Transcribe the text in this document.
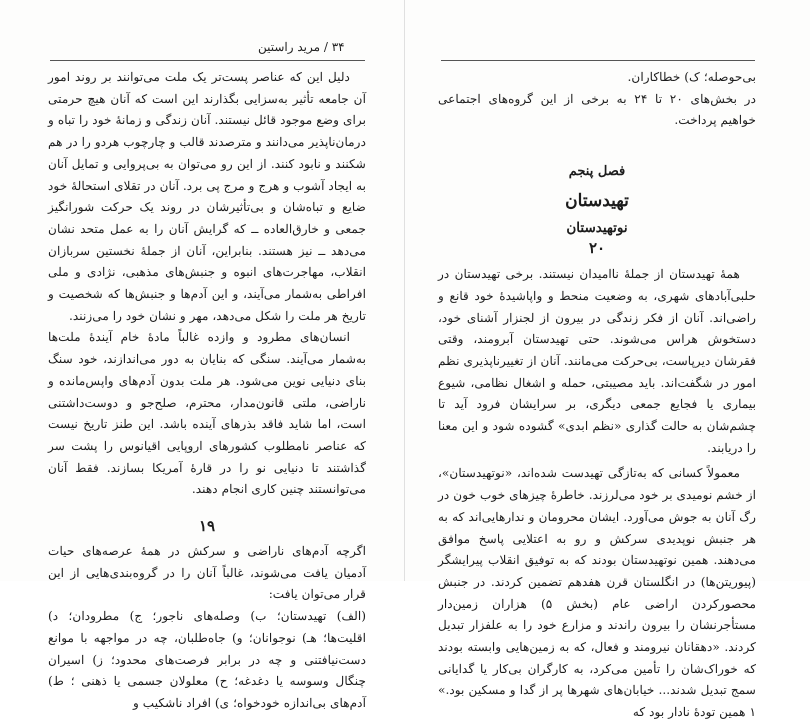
۳۴ / مرید راستین

دلیل این که عناصر پست‌تر یک ملت می‌توانند بر روند امور آن جامعه تأثیر به‌سزایی بگذارند این است که آنان هیچ حرمتی برای وضع موجود قائل نیستند. آنان زندگی و زمانهٔ خود را تباه و درمان‌ناپذیر می‌دانند و مترصدند قالب و چارچوب هردو را در هم شکنند و نابود کنند. از این رو می‌توان به بی‌پروایی و تمایل آنان به ایجاد آشوب و هرج و مرج پی برد. آنان در تقلای استحالهٔ خود ضایع و تباه‌شان و بی‌تأثیرشان در روند یک حرکت شورانگیز جمعی و خارق‌العاده ــ که گرایش آنان را به عمل متحد نشان می‌دهد ــ نیز هستند. بنابراین، آنان از جملهٔ نخستین سربازان انقلاب، مهاجرت‌های انبوه و جنبش‌های مذهبی، نژادی و ملی افراطی به‌شمار می‌آیند، و این آدم‌ها و جنبش‌ها که شخصیت و تاریخ هر ملت را شکل می‌دهد، مهر و نشان خود را می‌زنند.

انسان‌های مطرود و وازده غالباً مادهٔ خام آیندهٔ ملت‌ها به‌شمار می‌آیند. سنگی که بنایان به دور می‌اندازند، خود سنگ بنای دنیایی نوین می‌شود. هر ملت بدون آدم‌های واپس‌مانده و ناراضی، ملتی قانون‌مدار، محترم، صلح‌جو و دوست‌داشتنی است، اما شاید فاقد بذرهای آینده باشد. این طنز تاریخ نیست که عناصر نامطلوب کشورهای اروپایی اقیانوس را پشت سر گذاشتند تا دنیایی نو را در قارهٔ آمریکا بسازند. فقط آنان می‌توانستند چنین کاری انجام دهند.

۱۹

اگرچه آدم‌های ناراضی و سرکش در همهٔ عرصه‌های حیات آدمیان یافت می‌شوند، غالباً آنان را در گروه‌بندی‌هایی از این قرار می‌توان یافت:

(الف) تهیدستان؛ ب) وصله‌های ناجور؛ ج) مطرودان؛ د) اقلیت‌ها؛ هـ) نوجوانان؛ و) جاه‌طلبان، چه در مواجهه با موانع دست‌نیافتنی و چه در برابر فرصت‌های محدود؛ ز) اسیران چنگال وسوسه یا دغدغه؛ ح) معلولان جسمی یا ذهنی ؛ ط) آدم‌های بی‌اندازه خودخواه؛ ی) افراد ناشکیب و

بی‌حوصله؛ ک) خطاکاران.

در بخش‌های ۲۰ تا ۲۴ به برخی از این گروه‌های اجتماعی خواهیم پرداخت.

فصل پنجم

تهیدستان

نوتهیدستان

۲۰

همهٔ تهیدستان از جملهٔ ناامیدان نیستند. برخی تهیدستان در حلبی‌آبادهای شهری، به وضعیت منحط و واپاشیدهٔ خود قانع و راضی‌اند. آنان از فکر زندگی در بیرون از لجنزار آشنای خود، دستخوش هراس می‌شوند. حتی تهیدستان آبرومند، وقتی فقرشان دیرپاست، بی‌حرکت می‌مانند. آنان از تغییرناپذیری نظم امور در شگفت‌اند. باید مصیبتی، حمله و اشغال نظامی، شیوع بیماری یا فجایع جمعی دیگری، بر سرایشان فرود آید تا چشم‌شان به حالت گذاری «نظم ابدی» گشوده شود و این معنا را دریابند.

معمولاً کسانی که به‌تازگی تهیدست شده‌اند، «نوتهیدستان»، از خشم نومیدی بر خود می‌لرزند. خاطرهٔ چیزهای خوب خون در رگ آنان به جوش می‌آورد. ایشان محرومان و ندارهایی‌اند که به هر جنبش نوپدیدی سرکش و رو به اعتلایی پاسخ موافق می‌دهند. همین نوتهیدستان بودند که به توفیق انقلاب پیرایشگر (پیوریتن‌ها) در انگلستان قرن هفدهم تضمین کردند. در جنبش محصورکردن اراضی عام (بخش ۵) هزاران زمین‌دار مستأجرنشان را بیرون راندند و مزارع خود را به علفزار تبدیل کردند. «دهقانان نیرومند و فعال، که به زمین‌هایی وابسته بودند که خوراک‌شان را تأمین می‌کرد، به کارگران بی‌کار یا گدایانی سمج تبدیل شدند... خیابان‌های شهرها پر از گدا و مسکین بود.» ۱ همین تودهٔ نادار بود که
